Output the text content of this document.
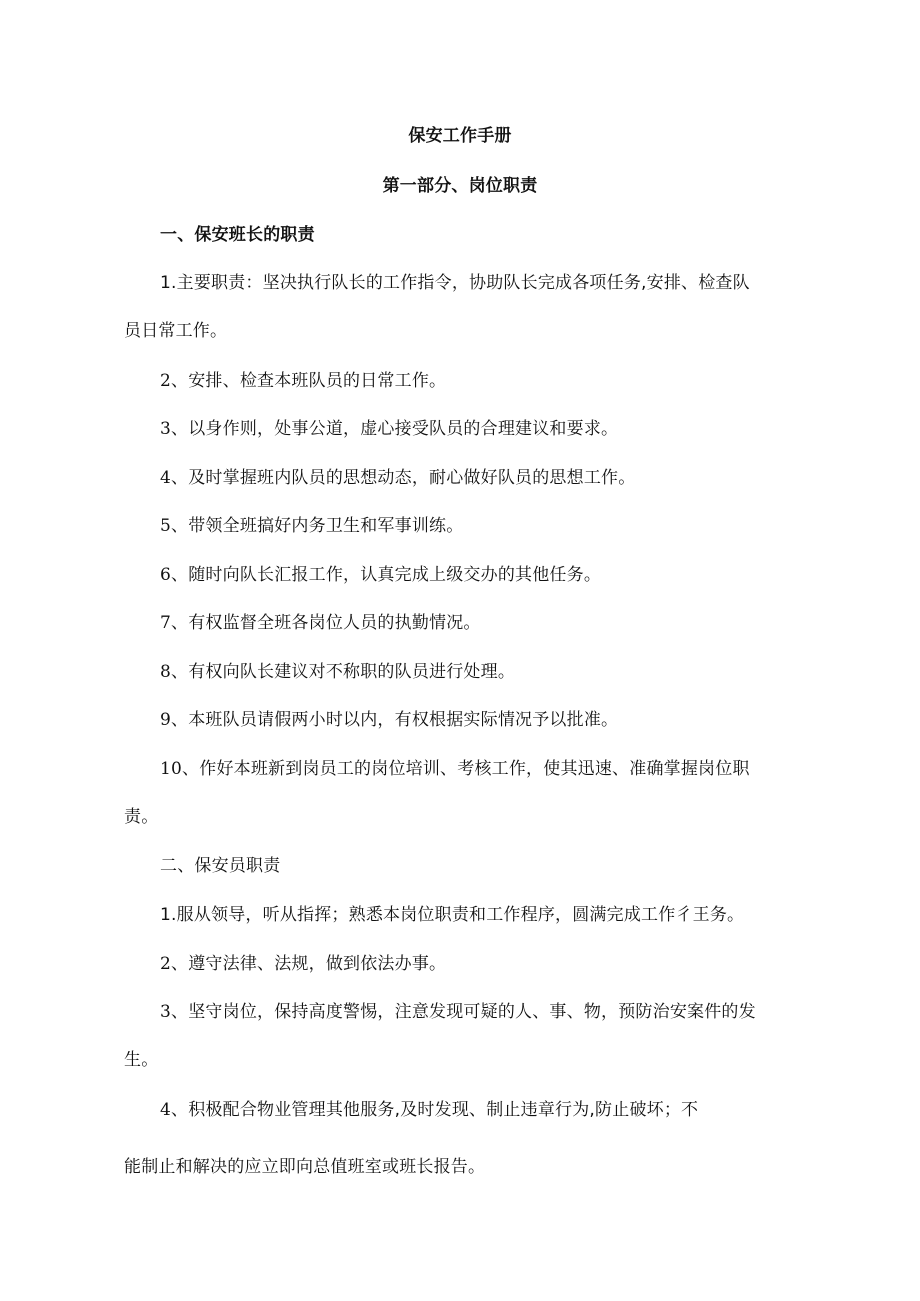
保安工作手册
第一部分、岗位职责
一、保安班长的职责
1.主要职责：坚决执行队长的工作指令，协助队长完成各项任务,安排、检查队
员日常工作。
2、安排、检查本班队员的日常工作。
3、以身作则，处事公道，虚心接受队员的合理建议和要求。
4、及时掌握班内队员的思想动态，耐心做好队员的思想工作。
5、带领全班搞好内务卫生和军事训练。
6、随时向队长汇报工作，认真完成上级交办的其他任务。
7、有权监督全班各岗位人员的执勤情况。
8、有权向队长建议对不称职的队员进行处理。
9、本班队员请假两小时以内，有权根据实际情况予以批准。
10、作好本班新到岗员工的岗位培训、考核工作，使其迅速、准确掌握岗位职
责。
二、保安员职责
1.服从领导，听从指挥；熟悉本岗位职责和工作程序，圆满完成工作彳王务。
2、遵守法律、法规，做到依法办事。
3、坚守岗位，保持高度警惕，注意发现可疑的人、事、物，预防治安案件的发
生。
4、积极配合物业管理其他服务,及时发现、制止违章行为,防止破坏；不
能制止和解决的应立即向总值班室或班长报告。
